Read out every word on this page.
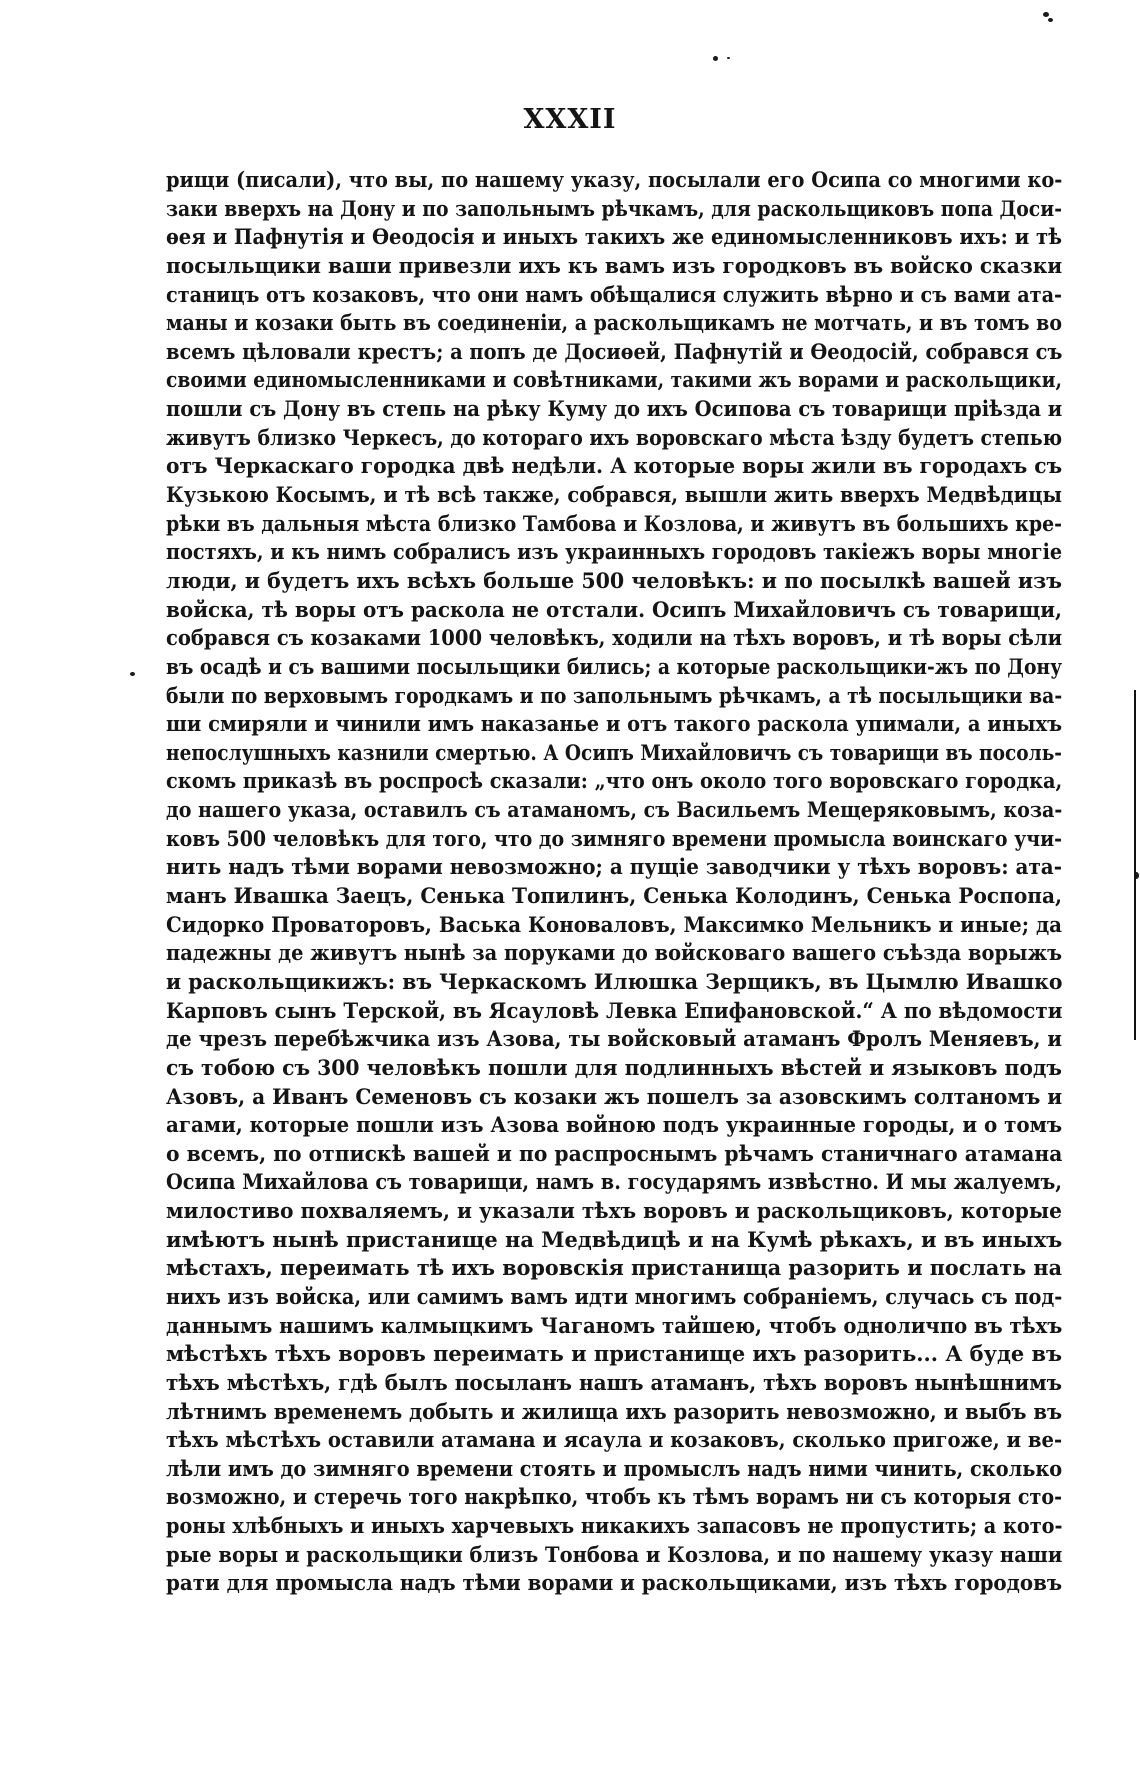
XXXII
рищи (писали), что вы, по нашему указу, посылали его Осипа со многими ко-
заки вверхъ на Дону и по запольнымъ рѣчкамъ, для раскольщиковъ попа Доси-
ѳея и Пафнутія и Ѳеодосія и иныхъ такихъ же единомысленниковъ ихъ: и тѣ
посыльщики ваши привезли ихъ къ вамъ изъ городковъ въ войско сказки
станицъ отъ козаковъ, что они намъ обѣщалися служить вѣрно и съ вами ата-
маны и козаки быть въ соединеніи, а раскольщикамъ не мотчать, и въ томъ во
всемъ цѣловали крестъ; а попъ де Досиѳей, Пафнутій и Ѳеодосій, собрався съ
своими единомысленниками и совѣтниками, такими жъ ворами и раскольщики,
пошли съ Дону въ степь на рѣку Куму до ихъ Осипова съ товарищи пріѣзда и
живутъ близко Черкесъ, до котораго ихъ воровскаго мѣста ѣзду будетъ степью
отъ Черкаскаго городка двѣ недѣли. А которые воры жили въ городахъ съ
Кузькою Косымъ, и тѣ всѣ также, собрався, вышли жить вверхъ Медвѣдицы
рѣки въ дальныя мѣста близко Тамбова и Козлова, и живутъ въ большихъ кре-
постяхъ, и къ нимъ собралисъ изъ украинныхъ городовъ такіежъ воры многіе
люди, и будетъ ихъ всѣхъ больше 500 человѣкъ: и по посылкѣ вашей изъ
войска, тѣ воры отъ раскола не отстали. Осипъ Михайловичъ съ товарищи,
собрався съ козаками 1000 человѣкъ, ходили на тѣхъ воровъ, и тѣ воры сѣли
въ осадѣ и съ вашими посыльщики бились; а которые раскольщики-жъ по Дону
были по верховымъ городкамъ и по запольнымъ рѣчкамъ, а тѣ посыльщики ва-
ши смиряли и чинили имъ наказанье и отъ такого раскола упимали, а иныхъ
непослушныхъ казнили смертью. А Осипъ Михайловичъ съ товарищи въ посоль-
скомъ приказѣ въ роспросѣ сказали: „что онъ около того воровскаго городка,
до нашего указа, оставилъ съ атаманомъ, съ Васильемъ Мещеряковымъ, коза-
ковъ 500 человѣкъ для того, что до зимняго времени промысла воинскаго учи-
нить надъ тѣми ворами невозможно; а пущіе заводчики у тѣхъ воровъ: ата-
манъ Ивашка Заецъ, Сенька Топилинъ, Сенька Колодинъ, Сенька Роспопа,
Сидорко Проваторовъ, Васька Коноваловъ, Максимко Мельникъ и иные; да
падежны де живутъ нынѣ за поруками до войсковаго вашего съѣзда ворыжъ
и раскольщикижъ: въ Черкаскомъ Илюшка Зерщикъ, въ Цымлю Ивашко
Карповъ сынъ Терской, въ Ясауловѣ Левка Епифановской.“ А по вѣдомости
де чрезъ перебѣжчика изъ Азова, ты войсковый атаманъ Фролъ Меняевъ, и
съ тобою съ 300 человѣкъ пошли для подлинныхъ вѣстей и языковъ подъ
Азовъ, а Иванъ Семеновъ съ козаки жъ пошелъ за азовскимъ солтаномъ и
агами, которые пошли изъ Азова войною подъ украинные городы, и о томъ
о всемъ, по отпискѣ вашей и по распроснымъ рѣчамъ станичнаго атамана
Осипа Михайлова съ товарищи, намъ в. государямъ извѣстно. И мы жалуемъ,
милостиво похваляемъ, и указали тѣхъ воровъ и раскольщиковъ, которые
имѣютъ нынѣ пристанище на Медвѣдицѣ и на Кумѣ рѣкахъ, и въ иныхъ
мѣстахъ, переимать тѣ ихъ воровскія пристанища разорить и послать на
нихъ изъ войска, или самимъ вамъ идти многимъ собраніемъ, случась съ под-
даннымъ нашимъ калмыцкимъ Чаганомъ тайшею, чтобъ одноличпо въ тѣхъ
мѣстѣхъ тѣхъ воровъ переимать и пристанище ихъ разорить... А буде въ
тѣхъ мѣстѣхъ, гдѣ былъ посыланъ нашъ атаманъ, тѣхъ воровъ нынѣшнимъ
лѣтнимъ временемъ добыть и жилища ихъ разорить невозможно, и выбъ въ
тѣхъ мѣстѣхъ оставили атамана и ясаула и козаковъ, сколько пригоже, и ве-
лѣли имъ до зимняго времени стоять и промыслъ надъ ними чинить, сколько
возможно, и стеречь того накрѣпко, чтобъ къ тѣмъ ворамъ ни съ которыя сто-
роны хлѣбныхъ и иныхъ харчевыхъ никакихъ запасовъ не пропустить; а кото-
рые воры и раскольщики близъ Тонбова и Козлова, и по нашему указу наши
рати для промысла надъ тѣми ворами и раскольщиками, изъ тѣхъ городовъ
